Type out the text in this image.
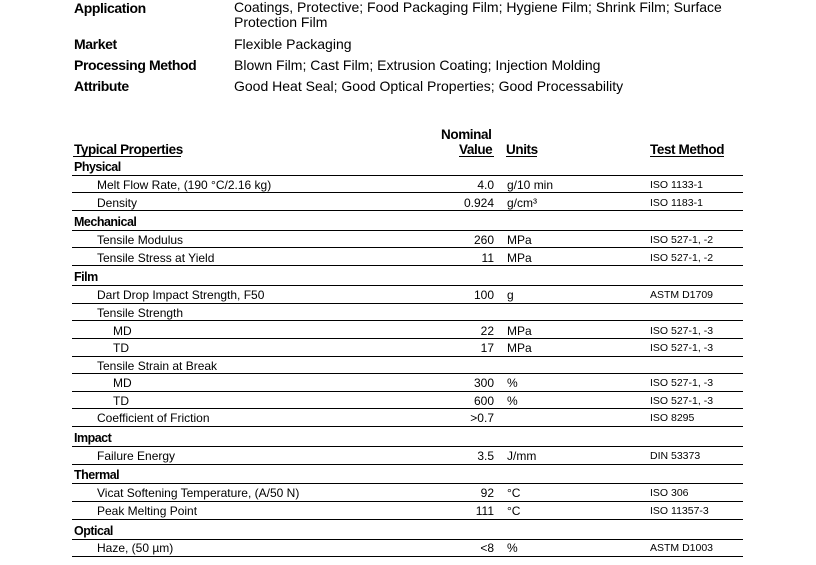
Application	Coatings, Protective; Food Packaging Film; Hygiene Film; Shrink Film; Surface Protection Film
Market	Flexible Packaging
Processing Method	Blown Film; Cast Film; Extrusion Coating; Injection Molding
Attribute	Good Heat Seal; Good Optical Properties; Good Processability
Typical Properties
Nominal
Value Units	Test Method
Physical
Melt Flow Rate, (190 °C/2.16 kg)	4.0 g/10 min	ISO 1133-1
Density	0.924 g/cm³	ISO 1183-1
Mechanical
Tensile Modulus	260 MPa	ISO 527-1, -2
Tensile Stress at Yield	11 MPa	ISO 527-1, -2
Film
Dart Drop Impact Strength, F50	100 g	ASTM D1709
Tensile Strength
MD	22 MPa	ISO 527-1, -3
TD	17 MPa	ISO 527-1, -3
Tensile Strain at Break
MD	300 %	ISO 527-1, -3
TD	600 %	ISO 527-1, -3
Coefficient of Friction	>0.7	ISO 8295
Impact
Failure Energy	3.5 J/mm	DIN 53373
Thermal
Vicat Softening Temperature, (A/50 N)	92 °C	ISO 306
Peak Melting Point	111 °C	ISO 11357-3
Optical
Haze, (50 µm)	<8 %	ASTM D1003
